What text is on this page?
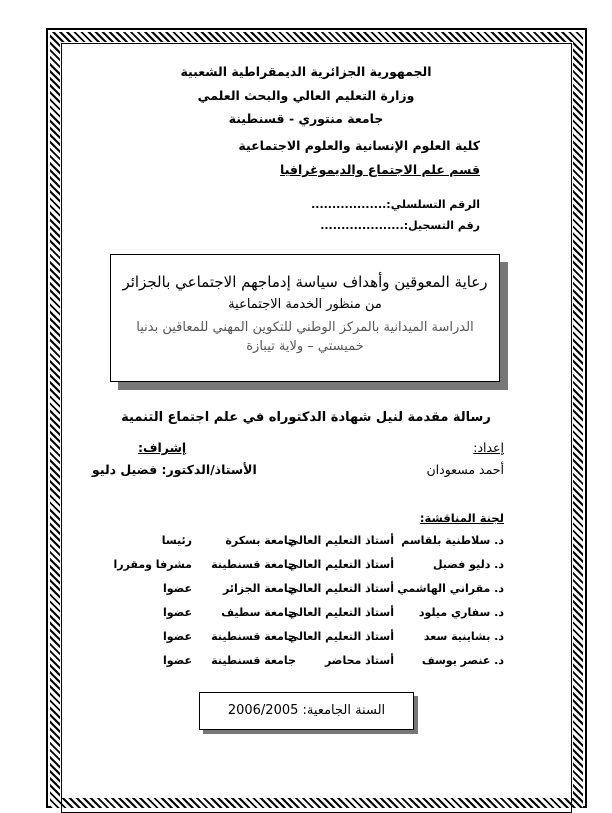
الجمهورية الجزائرية الديمقراطية الشعبية
وزارة التعليم العالي والبحث العلمي
جامعة منتوري - قسنطينة
كلية العلوم الإنسانية والعلوم الاجتماعية
قسم علم الاجتماع والديموغرافيا
الرقم التسلسلي:..................
رقم التسجيل:....................
رعاية المعوقين وأهداف سياسة إدماجهم الاجتماعي بالجزائر
من منظور الخدمة الاجتماعية
الدراسة الميدانية بالمركز الوطني للتكوين المهني للمعاقين بدنيا
خميستي – ولاية تيبازة
رسالة مقدمة لنيل شهادة الدكتوراه في علم اجتماع التنمية
إعداد:
أحمد مسعودان
إشراف:
الأستاذ/الدكتور: فضيل دليو
لجنة المناقشة:
د. سلاطنية بلقاسم
أستاذ التعليم العالي
جامعة بسكرة
رئيسا
د. دليو فضيل
أستاذ التعليم العالي
جامعة قسنطينة
مشرفا ومقررا
د. مقراني الهاشمي
أستاذ التعليم العالي
جامعة الجزائر
عضوا
د. سفاري ميلود
أستاذ التعليم العالي
جامعة سطيف
عضوا
د. بشاينية سعد
أستاذ التعليم العالي
جامعة قسنطينة
عضوا
د. عنصر يوسف
أستاذ محاضر
جامعة قسنطينة
عضوا
السنة الجامعية: 2006/2005
